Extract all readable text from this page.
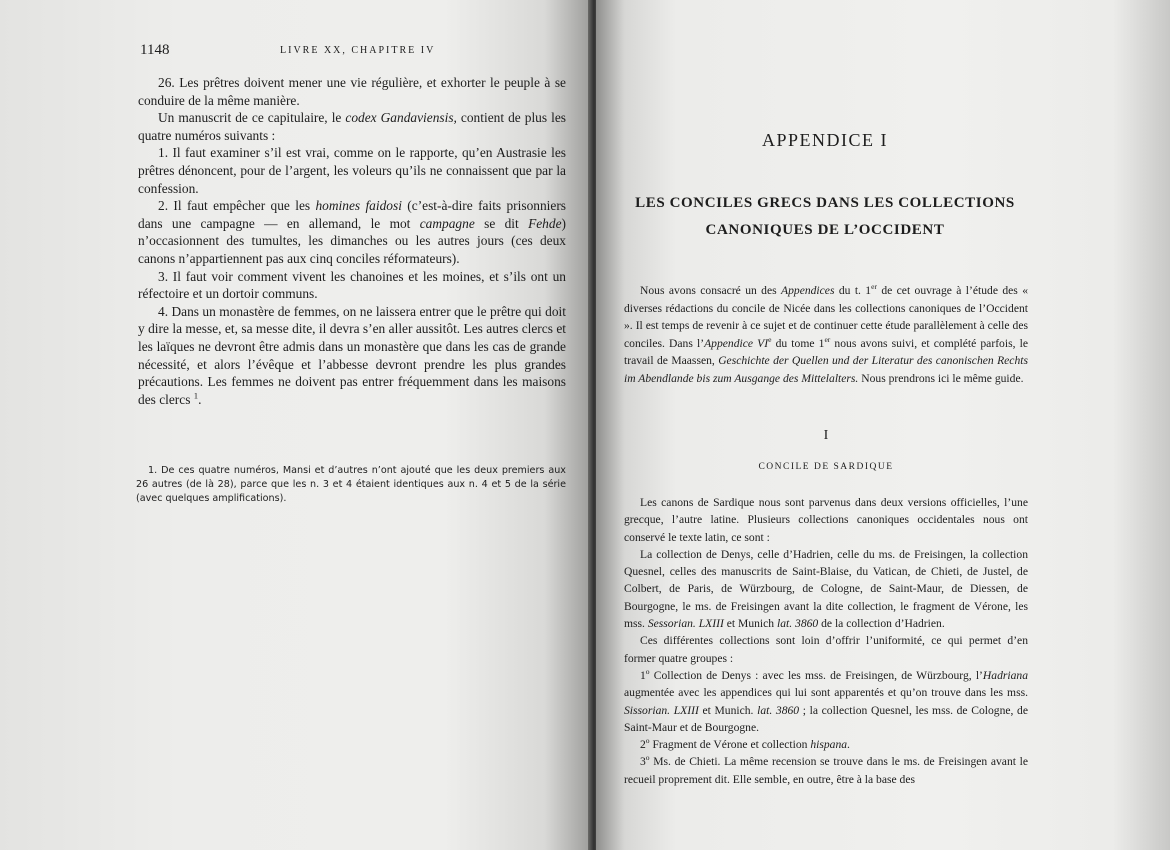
1148	LIVRE XX, CHAPITRE IV

26. Les prêtres doivent mener une vie régulière, et exhorter le peuple à se conduire de la même manière.

Un manuscrit de ce capitulaire, le codex Gandaviensis, contient de plus les quatre numéros suivants :

1. Il faut examiner s’il est vrai, comme on le rapporte, qu’en Austrasie les prêtres dénoncent, pour de l’argent, les voleurs qu’ils ne connaissent que par la confession.

2. Il faut empêcher que les homines faidosi (c’est-à-dire faits prisonniers dans une campagne — en allemand, le mot campagne se dit Fehde) n’occasionnent des tumultes, les dimanches ou les autres jours (ces deux canons n’appartiennent pas aux cinq conciles réformateurs).

3. Il faut voir comment vivent les chanoines et les moines, et s’ils ont un réfectoire et un dortoir communs.

4. Dans un monastère de femmes, on ne laissera entrer que le prêtre qui doit y dire la messe, et, sa messe dite, il devra s’en aller aussitôt. Les autres clercs et les laïques ne devront être admis dans un monastère que dans les cas de grande nécessité, et alors l’évêque et l’abbesse devront prendre les plus grandes précautions. Les femmes ne doivent pas entrer fréquemment dans les maisons des clercs $^1$.

1. De ces quatre numéros, Mansi et d’autres n’ont ajouté que les deux premiers aux 26 autres (de là 28), parce que les n. 3 et 4 étaient identiques aux n. 4 et 5 de la série (avec quelques amplifications).

APPENDICE I
LES CONCILES GRECS DANS LES COLLECTIONS
CANONIQUES DE L’OCCIDENT

Nous avons consacré un des Appendices du t. 1er de cet ouvrage à l’étude des « diverses rédactions du concile de Nicée dans les collections canoniques de l’Occident ». Il est temps de revenir à ce sujet et de continuer cette étude parallèlement à celle des conciles. Dans l’Appendice VIe du tome 1er nous avons suivi, et complété parfois, le travail de Maassen, Geschichte der Quellen und der Literatur des canonischen Rechts im Abendlande bis zum Ausgange des Mittelalters. Nous prendrons ici le même guide.

I
CONCILE DE SARDIQUE

Les canons de Sardique nous sont parvenus dans deux versions officielles, l’une grecque, l’autre latine. Plusieurs collections canoniques occidentales nous ont conservé le texte latin, ce sont :

La collection de Denys, celle d’Hadrien, celle du ms. de Freisingen, la collection Quesnel, celles des manuscrits de Saint-Blaise, du Vatican, de Chieti, de Justel, de Colbert, de Paris, de Würzbourg, de Cologne, de Saint-Maur, de Diessen, de Bourgogne, le ms. de Freisingen avant la dite collection, le fragment de Vérone, les mss. Sessorian. LXIII et Munich lat. 3860 de la collection d’Hadrien.

Ces différentes collections sont loin d’offrir l’uniformité, ce qui permet d’en former quatre groupes :

1$^o$ Collection de Denys : avec les mss. de Freisingen, de Würzbourg, l’Hadriana augmentée avec les appendices qui lui sont apparentés et qu’on trouve dans les mss. Sissorian. LXIII et Munich. lat. 3860 ; la collection Quesnel, les mss. de Cologne, de Saint-Maur et de Bourgogne.

2$^o$ Fragment de Vérone et collection hispana.

3$^o$ Ms. de Chieti. La même recension se trouve dans le ms. de Freisingen avant le recueil proprement dit. Elle semble, en outre, être à la base des
